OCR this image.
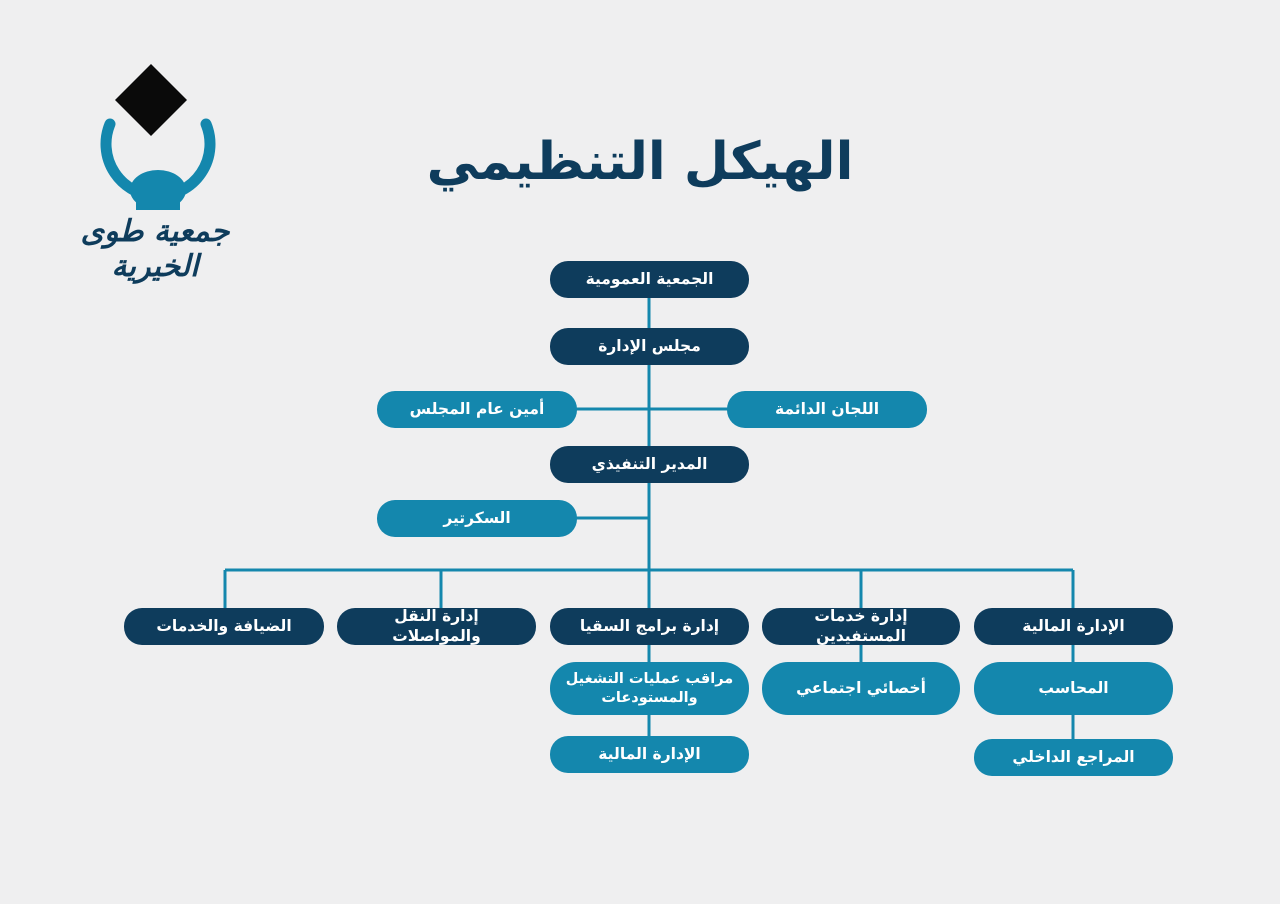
جمعية طوى الخيرية
الهيكل التنظيمي
الجمعية العمومية
مجلس الإدارة
أمين عام المجلس	اللجان الدائمة
المدير التنفيذي
السكرتير
الإدارة المالية
إدارة خدمات المستفيدين
إدارة برامج السقيا
إدارة النقل والمواصلات
الضيافة والخدمات
المحاسب
المراجع الداخلي
أخصائي اجتماعي
مراقب عمليات التشغيل والمستودعات
الإدارة المالية
